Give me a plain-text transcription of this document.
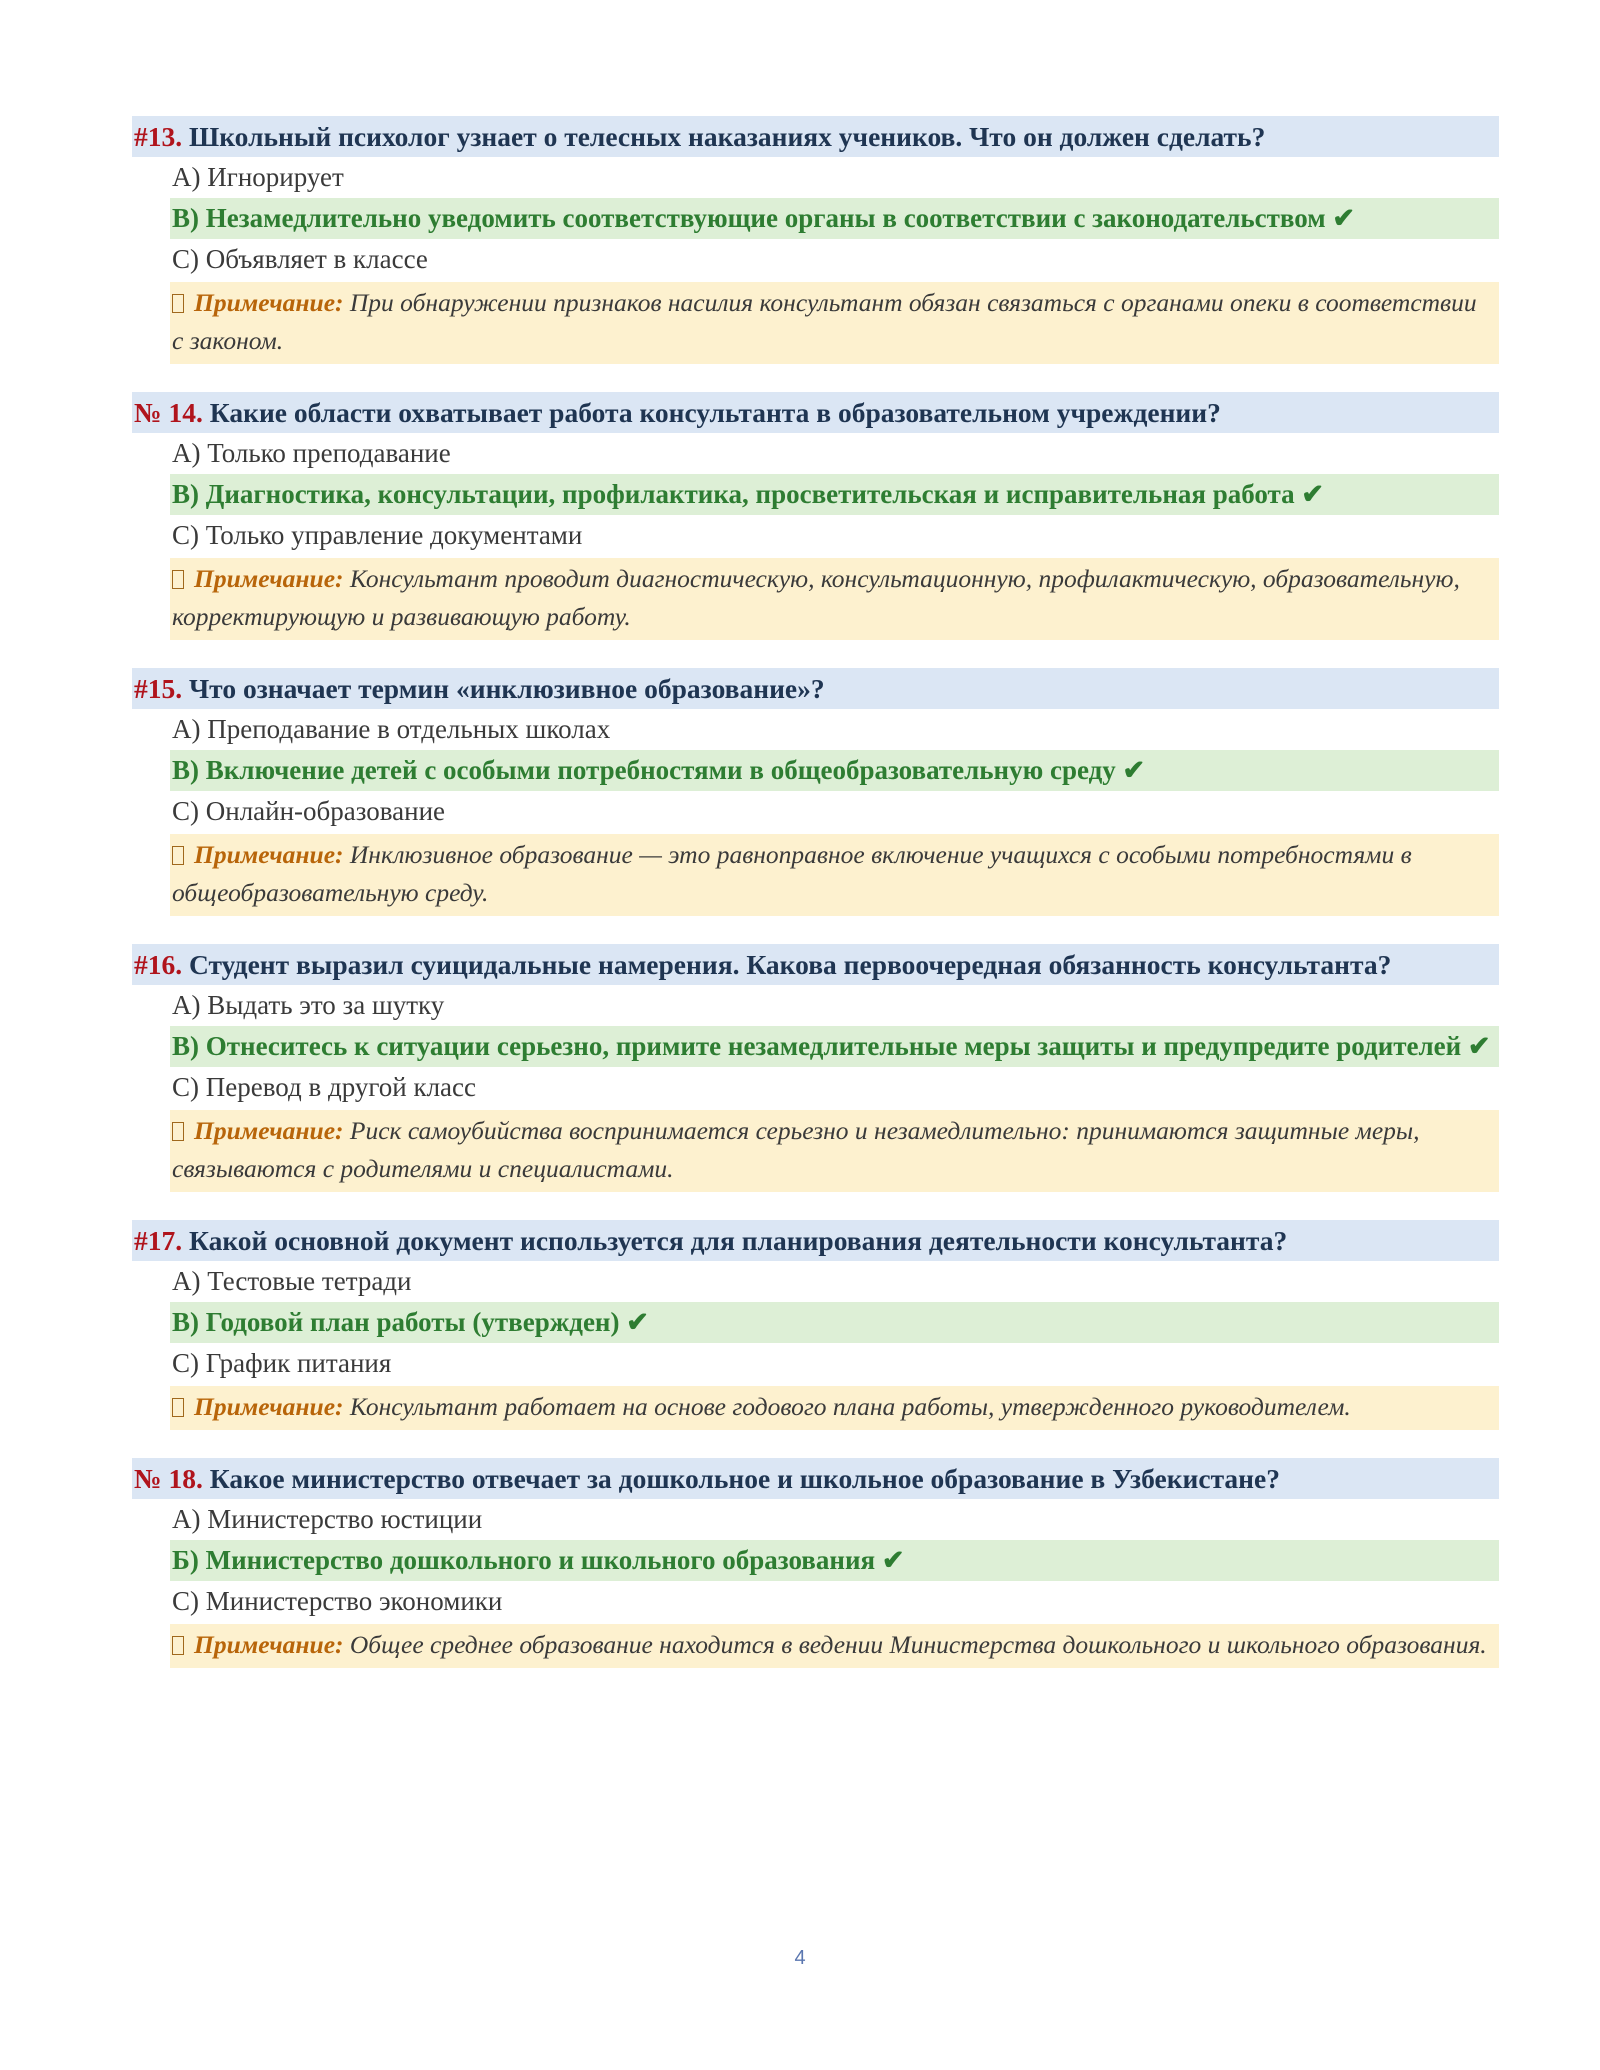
#13. Школьный психолог узнает о телесных наказаниях учеников. Что он должен сделать?
A) Игнорирует
B) Незамедлительно уведомить соответствующие органы в соответствии с законодательством ✔
C) Объявляет в классе
Примечание: При обнаружении признаков насилия консультант обязан связаться с органами опеки в соответствии с законом.
№ 14. Какие области охватывает работа консультанта в образовательном учреждении?
A) Только преподавание
B) Диагностика, консультации, профилактика, просветительская и исправительная работа ✔
C) Только управление документами
Примечание: Консультант проводит диагностическую, консультационную, профилактическую, образовательную, корректирующую и развивающую работу.
#15. Что означает термин «инклюзивное образование»?
A) Преподавание в отдельных школах
B) Включение детей с особыми потребностями в общеобразовательную среду ✔
C) Онлайн-образование
Примечание: Инклюзивное образование — это равноправное включение учащихся с особыми потребностями в общеобразовательную среду.
#16. Студент выразил суицидальные намерения. Какова первоочередная обязанность консультанта?
A) Выдать это за шутку
B) Отнеситесь к ситуации серьезно, примите незамедлительные меры защиты и предупредите родителей ✔
C) Перевод в другой класс
Примечание: Риск самоубийства воспринимается серьезно и незамедлительно: принимаются защитные меры, связываются с родителями и специалистами.
#17. Какой основной документ используется для планирования деятельности консультанта?
A) Тестовые тетради
B) Годовой план работы (утвержден) ✔
C) График питания
Примечание: Консультант работает на основе годового плана работы, утвержденного руководителем.
№ 18. Какое министерство отвечает за дошкольное и школьное образование в Узбекистане?
A) Министерство юстиции
Б) Министерство дошкольного и школьного образования ✔
C) Министерство экономики
Примечание: Общее среднее образование находится в ведении Министерства дошкольного и школьного образования.
4
